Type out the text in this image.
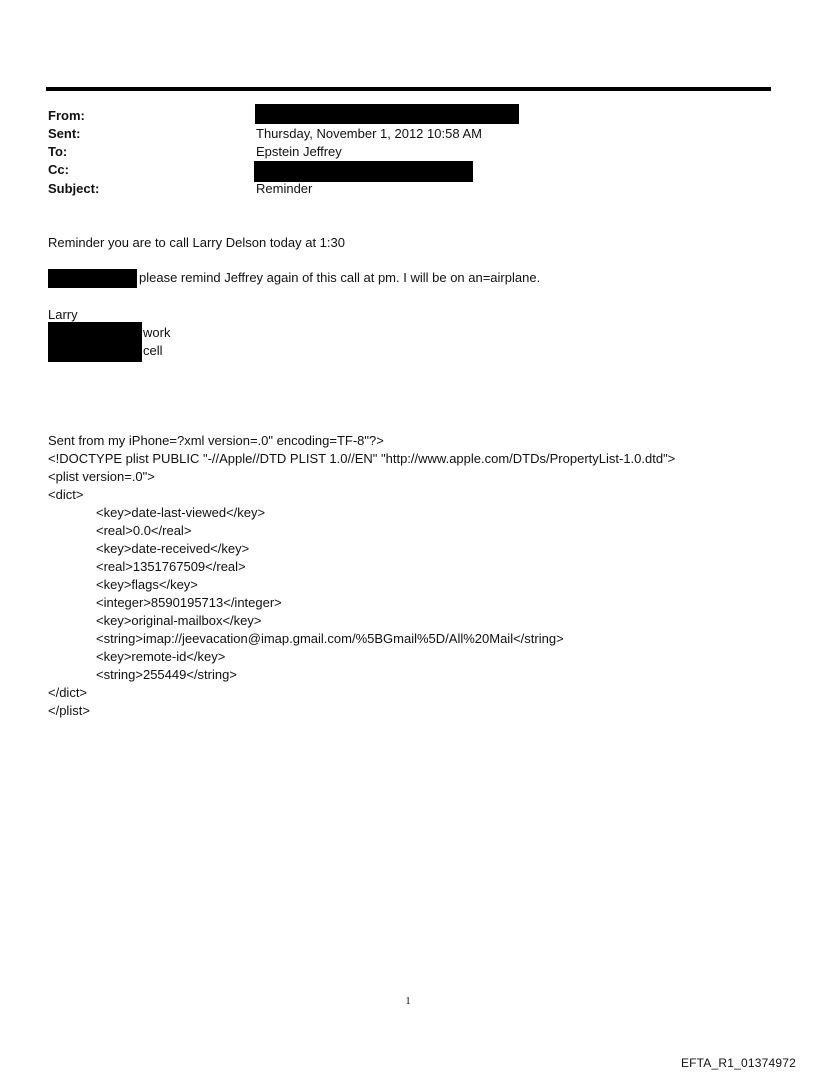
From:
Sent:	Thursday, November 1, 2012 10:58 AM
To:	Epstein Jeffrey
Cc:
Subject:	Reminder
Reminder you are to call Larry Delson today at 1:30
please remind Jeffrey again of this call at pm. I will be on an=airplane.
Larry
work
cell
Sent from my iPhone=?xml version=.0" encoding=TF-8"?>
<!DOCTYPE plist PUBLIC "-//Apple//DTD PLIST 1.0//EN" "http://www.apple.com/DTDs/PropertyList-1.0.dtd">
<plist version=.0">
<dict>
<key>date-last-viewed</key>
<real>0.0</real>
<key>date-received</key>
<real>1351767509</real>
<key>flags</key>
<integer>8590195713</integer>
<key>original-mailbox</key>
<string>imap://jeevacation@imap.gmail.com/%5BGmail%5D/All%20Mail</string>
<key>remote-id</key>
<string>255449</string>
</dict>
</plist>
1
EFTA_R1_01374972
